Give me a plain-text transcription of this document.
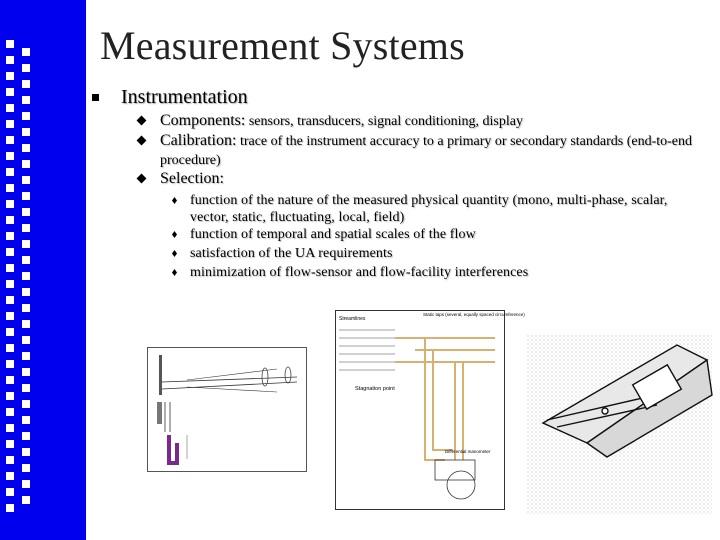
Measurement Systems
Instrumentation
Components: sensors, transducers, signal conditioning, display
Calibration: trace of the instrument accuracy to a primary or secondary standards (end-to-end procedure)
Selection:
function of the nature of the measured physical quantity (mono, multi-phase, scalar, vector, static, fluctuating, local, field)
function of temporal and spatial scales of the flow
satisfaction of the UA requirements
minimization of flow-sensor and flow-facility interferences
Streamlines
Static taps (several, equally spaced circumference)
Stagnation point
Differential manometer
